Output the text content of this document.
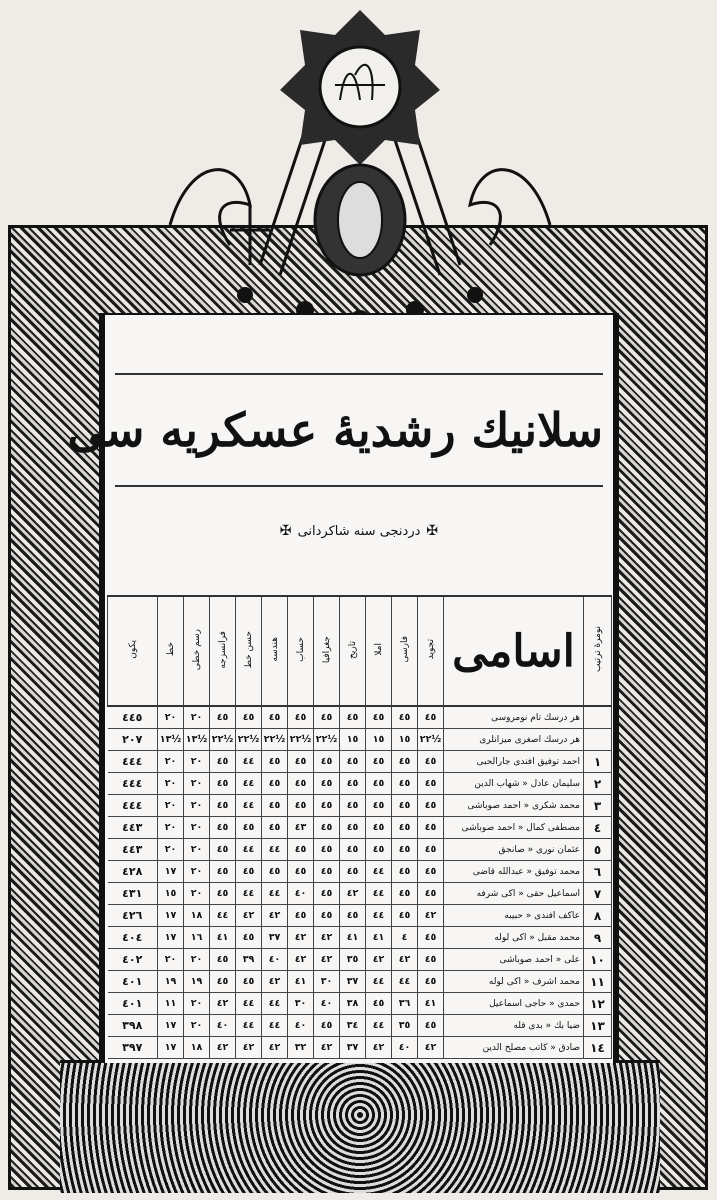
سلانيك رشديهٔ عسكريه سى
✠دردنجى سنه شاكردانى✠
يكون	خط	رسم خطى	فرانسزجه	حسن خط	هندسه	حساب	جغرافيا	تاريخ	املا	فارسى	تجويد	اسامى	نومرۀ ترتيب
٤٤٥	٢٠	٢٠	٤٥	٤٥	٤٥	٤٥	٤٥	٤٥	٤٥	٤٥	٤٥	هر درسك تام نومروسى	
٢٠٧	١٣½	١٣½	٢٢½	٢٢½	٢٢½	٢٢½	٢٢½	١٥	١٥	١٥	٢٢½	هر درسك اصغرى ميزانلرى	
٤٤٤	٢٠	٢٠	٤٥	٤٤	٤٥	٤٥	٤٥	٤٥	٤٥	٤٥	٤٥	احمد توفيق افندى جارالحبى	١
٤٤٤	٢٠	٢٠	٤٥	٤٤	٤٥	٤٥	٤٥	٤٥	٤٥	٤٥	٤٥	سليمان عادل « شهاب الدين	٢
٤٤٤	٢٠	٢٠	٤٥	٤٤	٤٥	٤٥	٤٥	٤٥	٤٥	٤٥	٤٥	محمد شكرى « احمد صوباشى	٣
٤٤٣	٢٠	٢٠	٤٥	٤٥	٤٥	٤٣	٤٥	٤٥	٤٥	٤٥	٤٥	مصطفى كمال « احمد صوباشى	٤
٤٤٣	٢٠	٢٠	٤٥	٤٤	٤٤	٤٥	٤٥	٤٥	٤٥	٤٥	٤٥	عثمان نورى « صانجق	٥
٤٢٨	١٧	٢٠	٤٥	٤٥	٤٥	٤٥	٤٥	٤٥	٤٤	٤٥	٤٥	محمد توفيق « عبدالله قاضى	٦
٤٣١	١٥	٢٠	٤٥	٤٤	٤٤	٤٠	٤٥	٤٢	٤٤	٤٥	٤٥	اسماعيل حقى « اكى شرفه	٧
٤٢٦	١٧	١٨	٤٤	٤٢	٤٢	٤٥	٤٥	٤٥	٤٤	٤٥	٤٢	عاكف افندى « حبيبه	٨
٤٠٤	١٧	١٦	٤١	٤٥	٣٧	٤٢	٤٢	٤١	٤١	٤	٤٥	محمد مقبل « اكى لوله	٩
٤٠٢	٢٠	٢٠	٤٥	٣٩	٤٠	٤٢	٤٢	٣٥	٤٢	٤٢	٤٥	على « احمد صوباشى	١٠
٤٠١	١٩	١٩	٤٥	٤٥	٤٢	٤١	٣٠	٣٧	٤٤	٤٤	٤٥	محمد اشرف « اكى لوله	١١
٤٠١	١١	٢٠	٤٢	٤٤	٤٤	٣٠	٤٠	٣٨	٤٥	٣٦	٤١	حمدى « حاجى اسماعيل	١٢
٣٩٨	١٧	٢٠	٤٠	٤٤	٤٤	٤٠	٤٥	٣٤	٤٤	٣٥	٤٥	ضيا بك « بدى قله	١٣
٣٩٧	١٧	١٨	٤٢	٤٢	٤٢	٣٢	٤٢	٣٧	٤٢	٤٠	٤٢	صادق « كاتب مصلح الدين	١٤
